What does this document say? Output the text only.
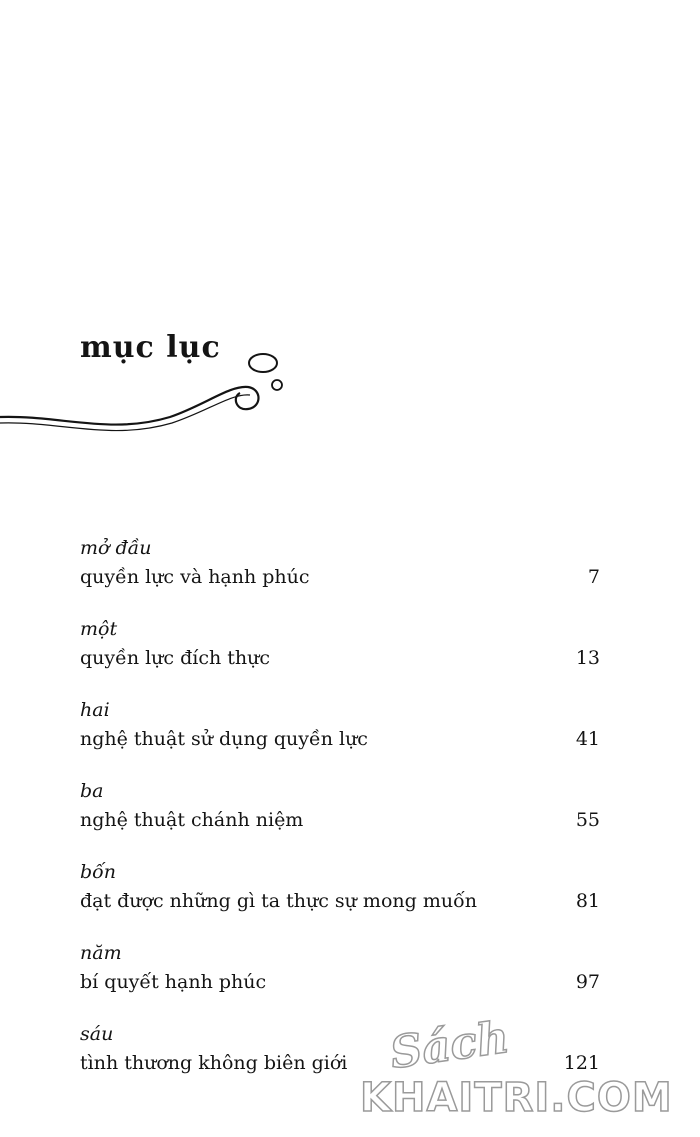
mục lục
mở đầu
quyền lực và hạnh phúc	7
một
quyền lực đích thực	13
hai
nghệ thuật sử dụng quyền lực	41
ba
nghệ thuật chánh niệm	55
bốn
đạt được những gì ta thực sự mong muốn	81
năm
bí quyết hạnh phúc	97
sáu
tình thương không biên giới	121
Sách
KHAITRI.COM
